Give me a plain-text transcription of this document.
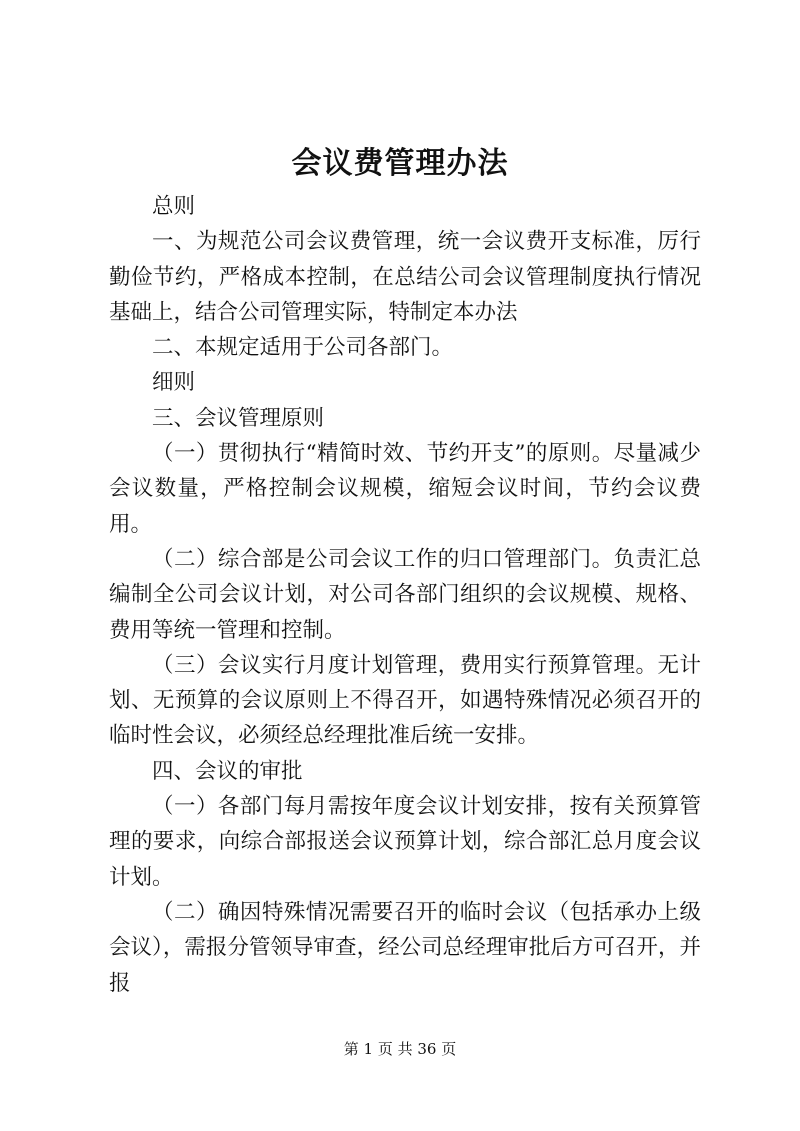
会议费管理办法

总则

一、为规范公司会议费管理，统一会议费开支标准，厉行勤俭节约，严格成本控制，在总结公司会议管理制度执行情况基础上，结合公司管理实际，特制定本办法

二、本规定适用于公司各部门。

细则

三、会议管理原则

（一）贯彻执行“精简时效、节约开支”的原则。尽量减少会议数量，严格控制会议规模，缩短会议时间，节约会议费用。

（二）综合部是公司会议工作的归口管理部门。负责汇总编制全公司会议计划，对公司各部门组织的会议规模、规格、费用等统一管理和控制。

（三）会议实行月度计划管理，费用实行预算管理。无计划、无预算的会议原则上不得召开，如遇特殊情况必须召开的临时性会议，必须经总经理批准后统一安排。

四、会议的审批

（一）各部门每月需按年度会议计划安排，按有关预算管理的要求，向综合部报送会议预算计划，综合部汇总月度会议计划。

（二）确因特殊情况需要召开的临时会议（包括承办上级会议），需报分管领导审查，经公司总经理审批后方可召开，并报

第 1 页 共 36 页
